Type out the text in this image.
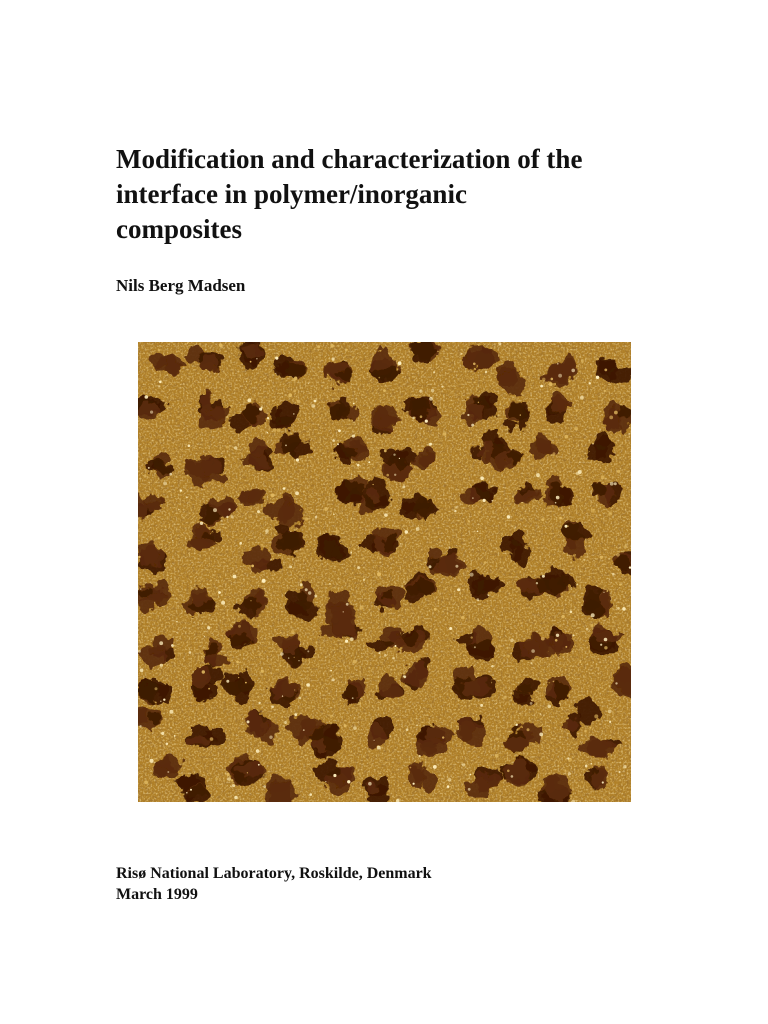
Modification and characterization of the
interface in polymer/inorganic
composites

Nils Berg Madsen

Risø National Laboratory, Roskilde, Denmark
March 1999
